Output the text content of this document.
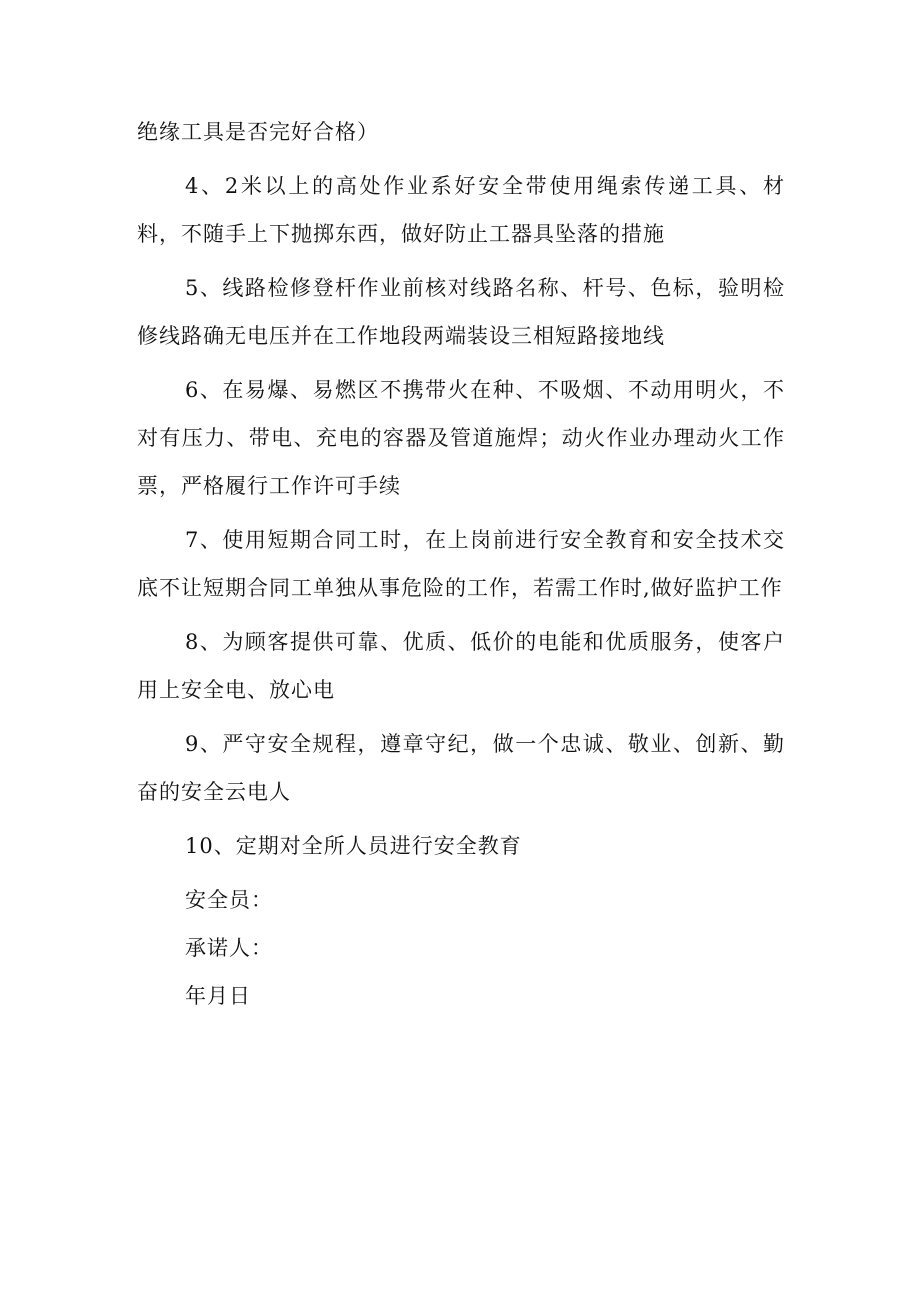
绝缘工具是否完好合格）

4、2米以上的高处作业系好安全带使用绳索传递工具、材料，不随手上下抛掷东西，做好防止工器具坠落的措施

5、线路检修登杆作业前核对线路名称、杆号、色标，验明检修线路确无电压并在工作地段两端装设三相短路接地线

6、在易爆、易燃区不携带火在种、不吸烟、不动用明火，不对有压力、带电、充电的容器及管道施焊；动火作业办理动火工作票，严格履行工作许可手续

7、使用短期合同工时，在上岗前进行安全教育和安全技术交底不让短期合同工单独从事危险的工作，若需工作时,做好监护工作

8、为顾客提供可靠、优质、低价的电能和优质服务，使客户用上安全电、放心电

9、严守安全规程，遵章守纪，做一个忠诚、敬业、创新、勤奋的安全云电人

10、定期对全所人员进行安全教育

安全员：

承诺人：

年月日
